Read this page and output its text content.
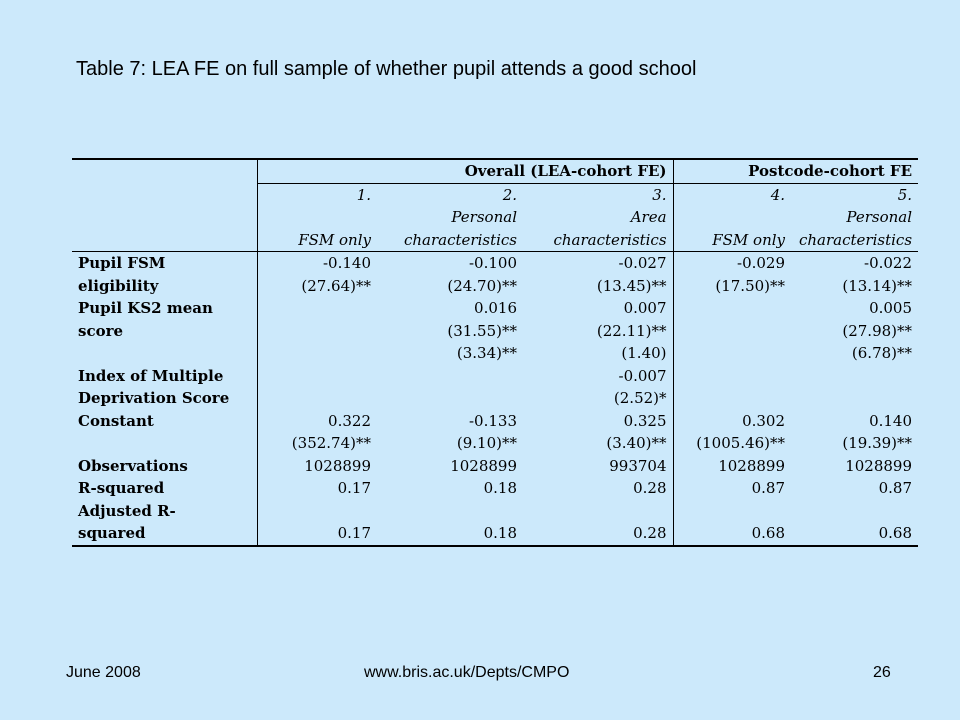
Table 7: LEA FE on full sample of whether pupil attends a good school
	Overall (LEA-cohort FE)			Postcode-cohort FE	
	1.	2.	3.	4.	5.
		Personal	Area		Personal
	FSM only	characteristics	characteristics	FSM only	characteristics
Pupil FSM	-0.140	-0.100	-0.027	-0.029	-0.022
eligibility	(27.64)**	(24.70)**	(13.45)**	(17.50)**	(13.14)**
Pupil KS2 mean		0.016	0.007		0.005
score		(31.55)**	(22.11)**		(27.98)**
		(3.34)**	(1.40)		(6.78)**
Index of Multiple			-0.007		
Deprivation Score			(2.52)*		
Constant	0.322	-0.133	0.325	0.302	0.140
	(352.74)**	(9.10)**	(3.40)**	(1005.46)**	(19.39)**
Observations	1028899	1028899	993704	1028899	1028899
R-squared	0.17	0.18	0.28	0.87	0.87

Adjusted R-
squared	0.17	0.18	0.28	0.68	0.68
June 2008	www.bris.ac.uk/Depts/CMPO	26
